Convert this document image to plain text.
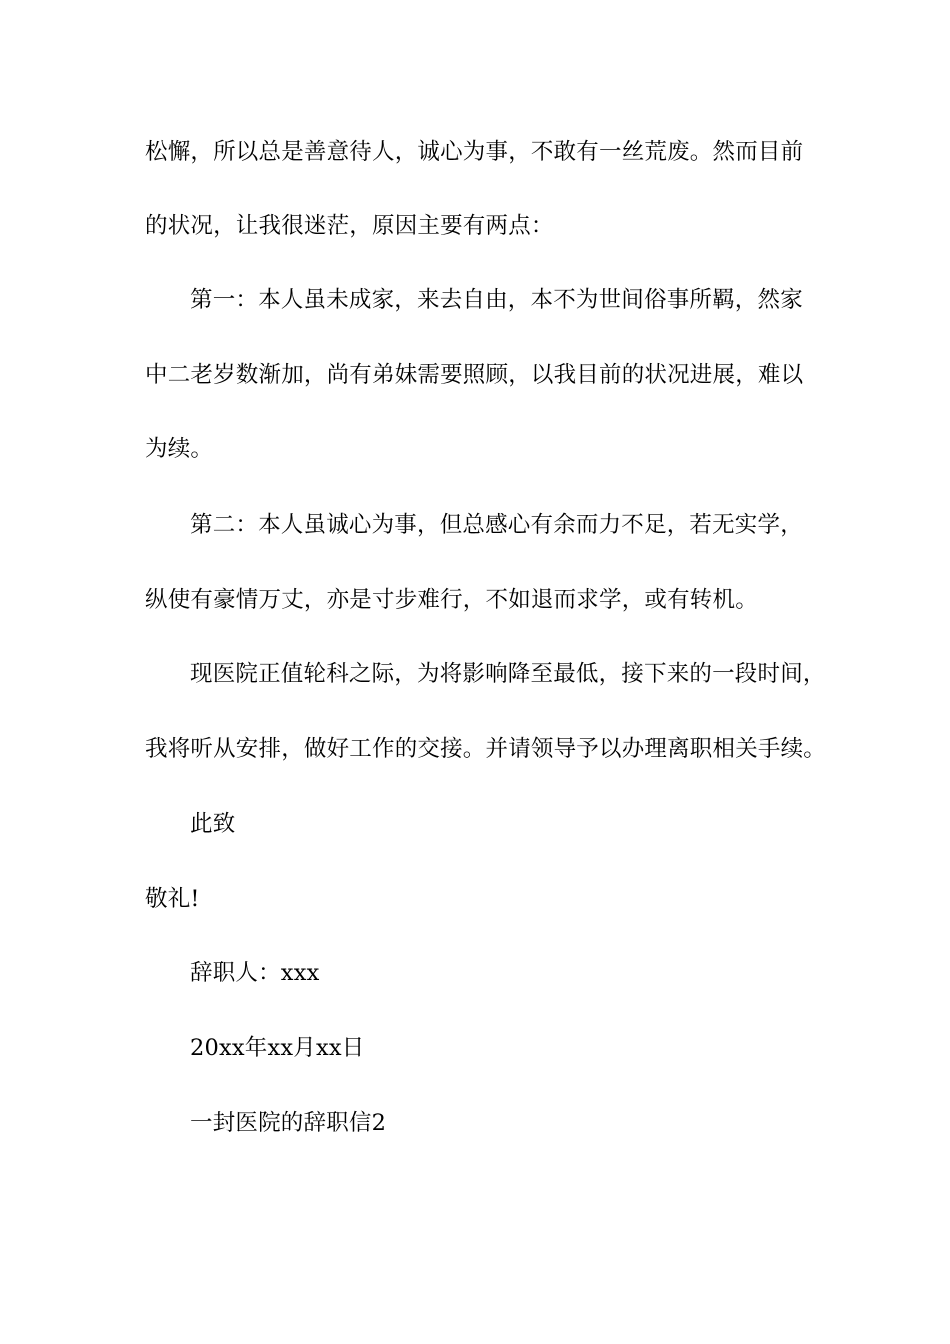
松懈，所以总是善意待人，诚心为事，不敢有一丝荒废。然而目前
的状况，让我很迷茫，原因主要有两点：
第一：本人虽未成家，来去自由，本不为世间俗事所羁，然家
中二老岁数渐加，尚有弟妹需要照顾，以我目前的状况进展，难以
为续。
第二：本人虽诚心为事，但总感心有余而力不足，若无实学，
纵使有豪情万丈，亦是寸步难行，不如退而求学，或有转机。
现医院正值轮科之际，为将影响降至最低，接下来的一段时间，
我将听从安排，做好工作的交接。并请领导予以办理离职相关手续。
此致
敬礼!
辞职人：xxx
20xx年xx月xx日
一封医院的辞职信2
